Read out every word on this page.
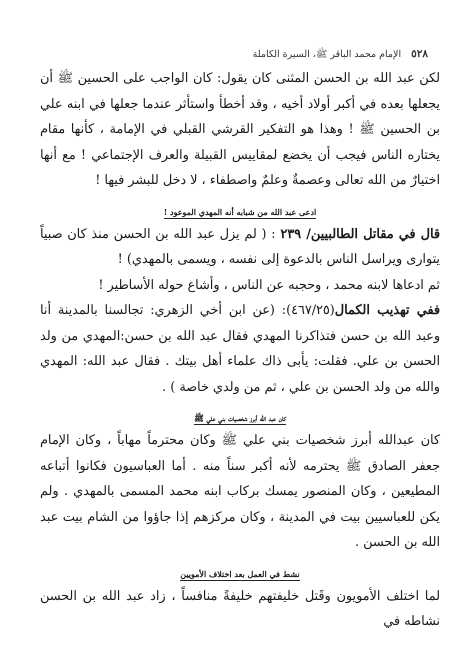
٥٢٨
الإمام محمد الباقر ﷺ، السيرة الكاملة

لكن عبد الله بن الحسن المثنى كان يقول: كان الواجب على الحسين ﷺ أن يجعلها بعده في أكبر أولاد أخيه ، وقد أخطأ واستأثر عندما جعلها في ابنه علي بن الحسين ﷺ ! وهذا هو التفكير القرشي القبلي في الإمامة ، كأنها مقام يختاره الناس فيجب أن يخضع لمقاييس القبيلة والعرف الإجتماعي ! مع أنها اختيارٌ من الله تعالى وعصمةٌ وعلمٌ واصطفاء ، لا دخل للبشر فيها !

ادعى عبد الله من شبابه أنه المهدي الموعود !

قال في مقاتل الطالبيين/ ٢٣٩ : ( لم يزل عبد الله بن الحسن منذ كان صبياً يتوارى ويراسل الناس بالدعوة إلى نفسه ، ويسمى بالمهدي) !

ثم ادعاها لابنه محمد ، وحجبه عن الناس ، وأشاع حوله الأساطير !

ففي تهذيب الكمال(٤٦٧/٢٥): (عن ابن أخي الزهري: تجالسنا بالمدينة أنا وعبد الله بن حسن فتذاكرنا المهدي فقال عبد الله بن حسن:المهدي من ولد الحسن بن علي. فقلت: يأبى ذاك علماء أهل بيتك . فقال عبد الله: المهدي والله من ولد الحسن بن علي ، ثم من ولدي خاصة ) .

كان عبد الله أبرز شخصيات بني علي ﷺ

كان عبدالله أبرز شخصيات بني علي ﷺ وكان محترماً مهاباً ، وكان الإمام جعفر الصادق ﷺ يحترمه لأنه أكبر سناً منه . أما العباسيون فكانوا أتباعه المطيعين ، وكان المنصور يمسك بركاب ابنه محمد المسمى بالمهدي . ولم يكن للعباسيين بيت في المدينة ، وكان مركزهم إذا جاؤوا من الشام بيت عبد الله بن الحسن .

نشط في العمل بعد اختلاف الأمويين

لما اختلف الأمويون وقَتل خليفتهم خليفةً منافساً ، زاد عبد الله بن الحسن نشاطه في
